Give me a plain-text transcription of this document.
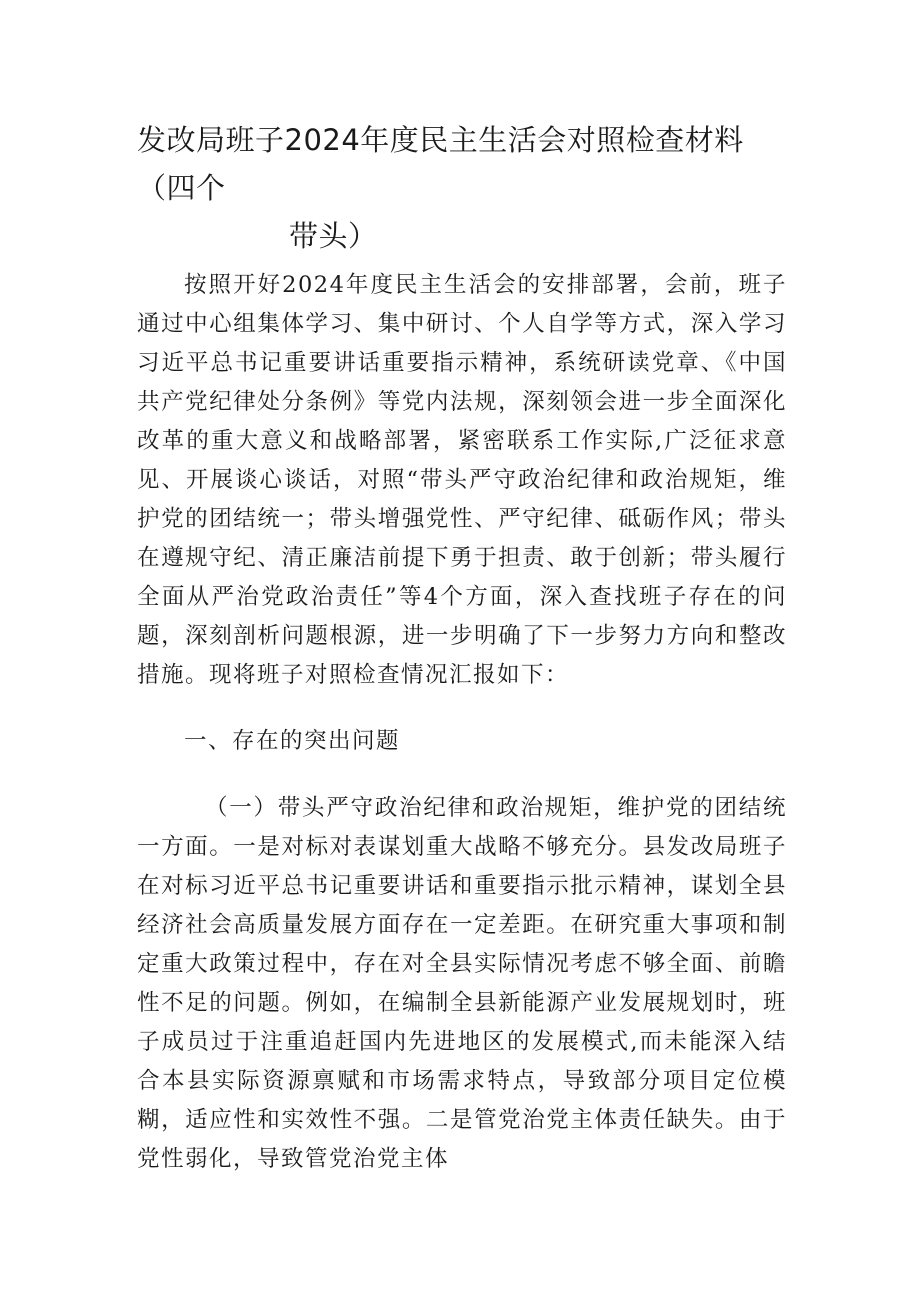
发改局班子2024年度民主生活会对照检查材料（四个
带头）

按照开好2024年度民主生活会的安排部署，会前，班子通过中心组集体学习、集中研讨、个人自学等方式，深入学习习近平总书记重要讲话重要指示精神，系统研读党章、《中国共产党纪律处分条例》等党内法规，深刻领会进一步全面深化改革的重大意义和战略部署，紧密联系工作实际,广泛征求意见、开展谈心谈话，对照“带头严守政治纪律和政治规矩，维护党的团结统一；带头增强党性、严守纪律、砥砺作风；带头在遵规守纪、清正廉洁前提下勇于担责、敢于创新；带头履行全面从严治党政治责任”等4个方面，深入查找班子存在的问题，深刻剖析问题根源，进一步明确了下一步努力方向和整改措施。现将班子对照检查情况汇报如下：

一、存在的突出问题

（一）带头严守政治纪律和政治规矩，维护党的团结统一方面。一是对标对表谋划重大战略不够充分。县发改局班子在对标习近平总书记重要讲话和重要指示批示精神，谋划全县经济社会高质量发展方面存在一定差距。在研究重大事项和制定重大政策过程中，存在对全县实际情况考虑不够全面、前瞻性不足的问题。例如，在编制全县新能源产业发展规划时，班子成员过于注重追赶国内先进地区的发展模式,而未能深入结合本县实际资源禀赋和市场需求特点，导致部分项目定位模糊，适应性和实效性不强。二是管党治党主体责任缺失。由于党性弱化，导致管党治党主体
